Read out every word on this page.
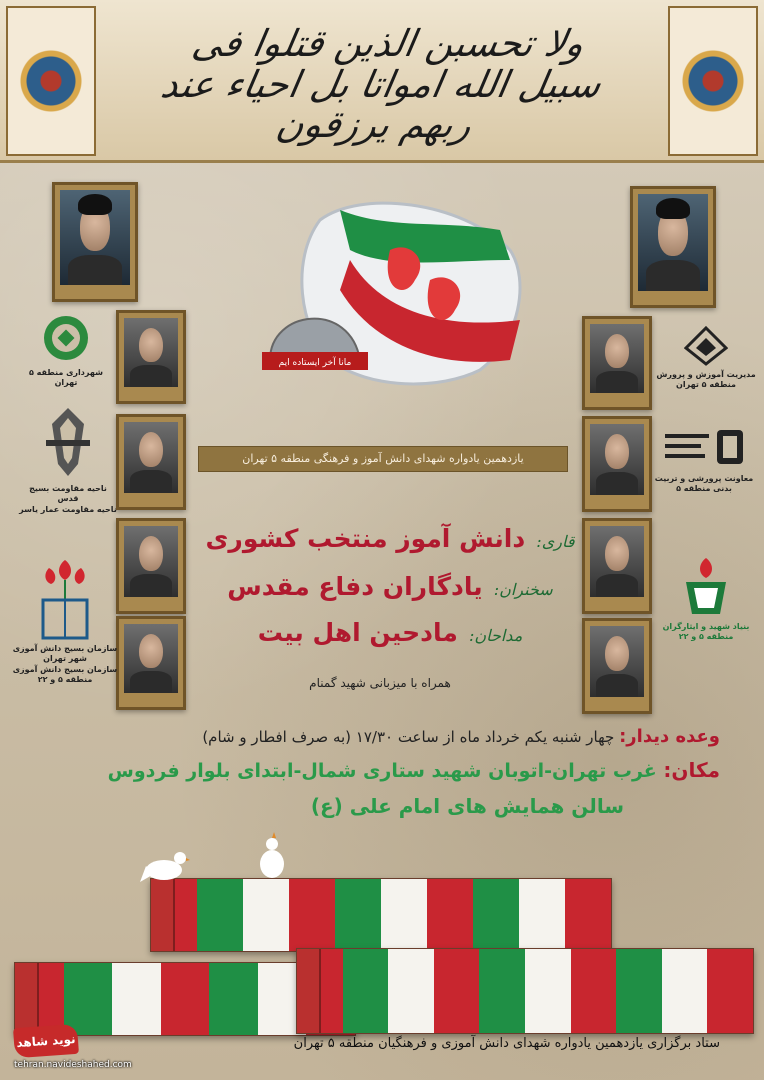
ولا تحسبن الذین قتلوا فی سبیل الله امواتا بل احیاء عند ربهم یرزقون
شهرداری منطقه ۵ تهران
ناحیه مقاومت بسیج قدس
ناحیه مقاومت عمار یاسر
سازمان بسیج دانش آموزی شهر تهران
سازمان بسیج دانش آموزی
منطقه ۵ و ۲۲
مدیریت آموزش و پرورش منطقه ۵ تهران
معاونت پرورشی و تربیت بدنی منطقه ۵
بنیاد شهید و ایثارگران منطقه ۵ و ۲۲
مانا آخر ایستاده ایم
یازدهمین یادواره شهدای دانش آموز و فرهنگی منطقه ۵ تهران
قاری: دانش آموز منتخب کشوری
سخنران: یادگاران دفاع مقدس
مداحان: مادحین اهل بیت
همراه با میزبانی شهید گمنام
وعده دیدار: چهار شنبه یکم خرداد ماه از ساعت ۱۷/۳۰ (به صرف افطار و شام)
مکان: غرب تهران-اتوبان شهید ستاری شمال-ابتدای بلوار فردوس
سالن همایش های امام علی (ع)
ستاد برگزاری یازدهمین یادواره شهدای دانش آموزی و فرهنگیان منطقه ۵ تهران
نوید شاهد
tehran.navideshahed.com
